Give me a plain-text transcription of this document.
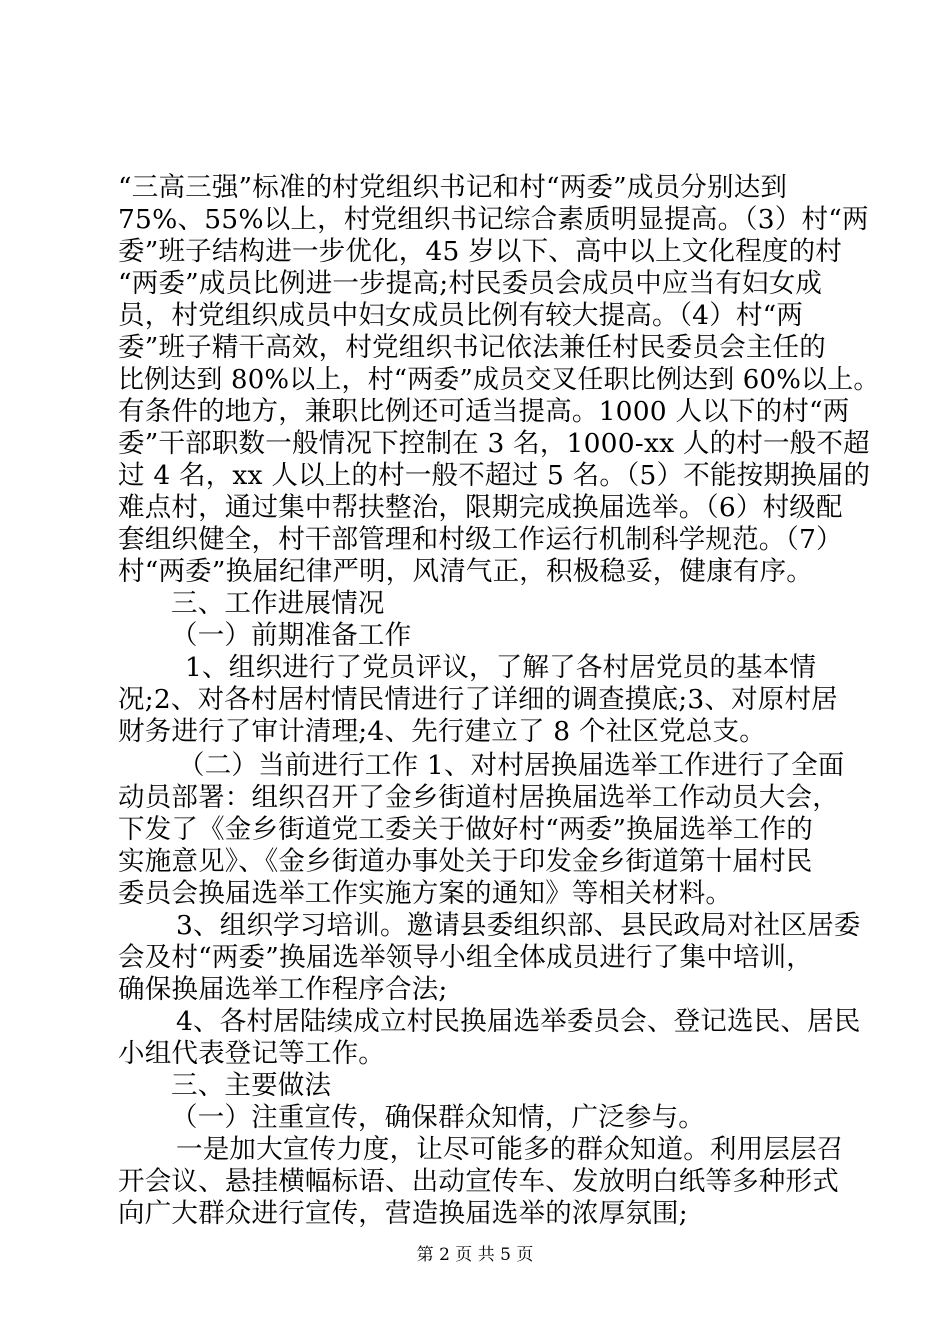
“三高三强”标准的村党组织书记和村“两委”成员分别达到
75%、55%以上，村党组织书记综合素质明显提高。（3）村“两
委”班子结构进一步优化，45 岁以下、高中以上文化程度的村
“两委”成员比例进一步提高;村民委员会成员中应当有妇女成
员，村党组织成员中妇女成员比例有较大提高。（4）村“两
委”班子精干高效，村党组织书记依法兼任村民委员会主任的
比例达到 80%以上，村“两委”成员交叉任职比例达到 60%以上。
有条件的地方，兼职比例还可适当提高。1000 人以下的村“两
委”干部职数一般情况下控制在 3 名，1000-xx 人的村一般不超
过 4 名，xx 人以上的村一般不超过 5 名。（5）不能按期换届的
难点村，通过集中帮扶整治，限期完成换届选举。（6）村级配
套组织健全，村干部管理和村级工作运行机制科学规范。（7）
村“两委”换届纪律严明，风清气正，积极稳妥，健康有序。
三、工作进展情况
（一）前期准备工作
1、组织进行了党员评议，了解了各村居党员的基本情
况;2、对各村居村情民情进行了详细的调查摸底;3、对原村居
财务进行了审计清理;4、先行建立了 8 个社区党总支。
（二）当前进行工作 1、对村居换届选举工作进行了全面
动员部署：组织召开了金乡街道村居换届选举工作动员大会，
下发了《金乡街道党工委关于做好村“两委”换届选举工作的
实施意见》、《金乡街道办事处关于印发金乡街道第十届村民
委员会换届选举工作实施方案的通知》等相关材料。
3、组织学习培训。邀请县委组织部、县民政局对社区居委
会及村“两委”换届选举领导小组全体成员进行了集中培训，
确保换届选举工作程序合法;
4、各村居陆续成立村民换届选举委员会、登记选民、居民
小组代表登记等工作。
三、主要做法
（一）注重宣传，确保群众知情，广泛参与。
一是加大宣传力度，让尽可能多的群众知道。利用层层召
开会议、悬挂横幅标语、出动宣传车、发放明白纸等多种形式
向广大群众进行宣传，营造换届选举的浓厚氛围;
第 2 页 共 5 页
